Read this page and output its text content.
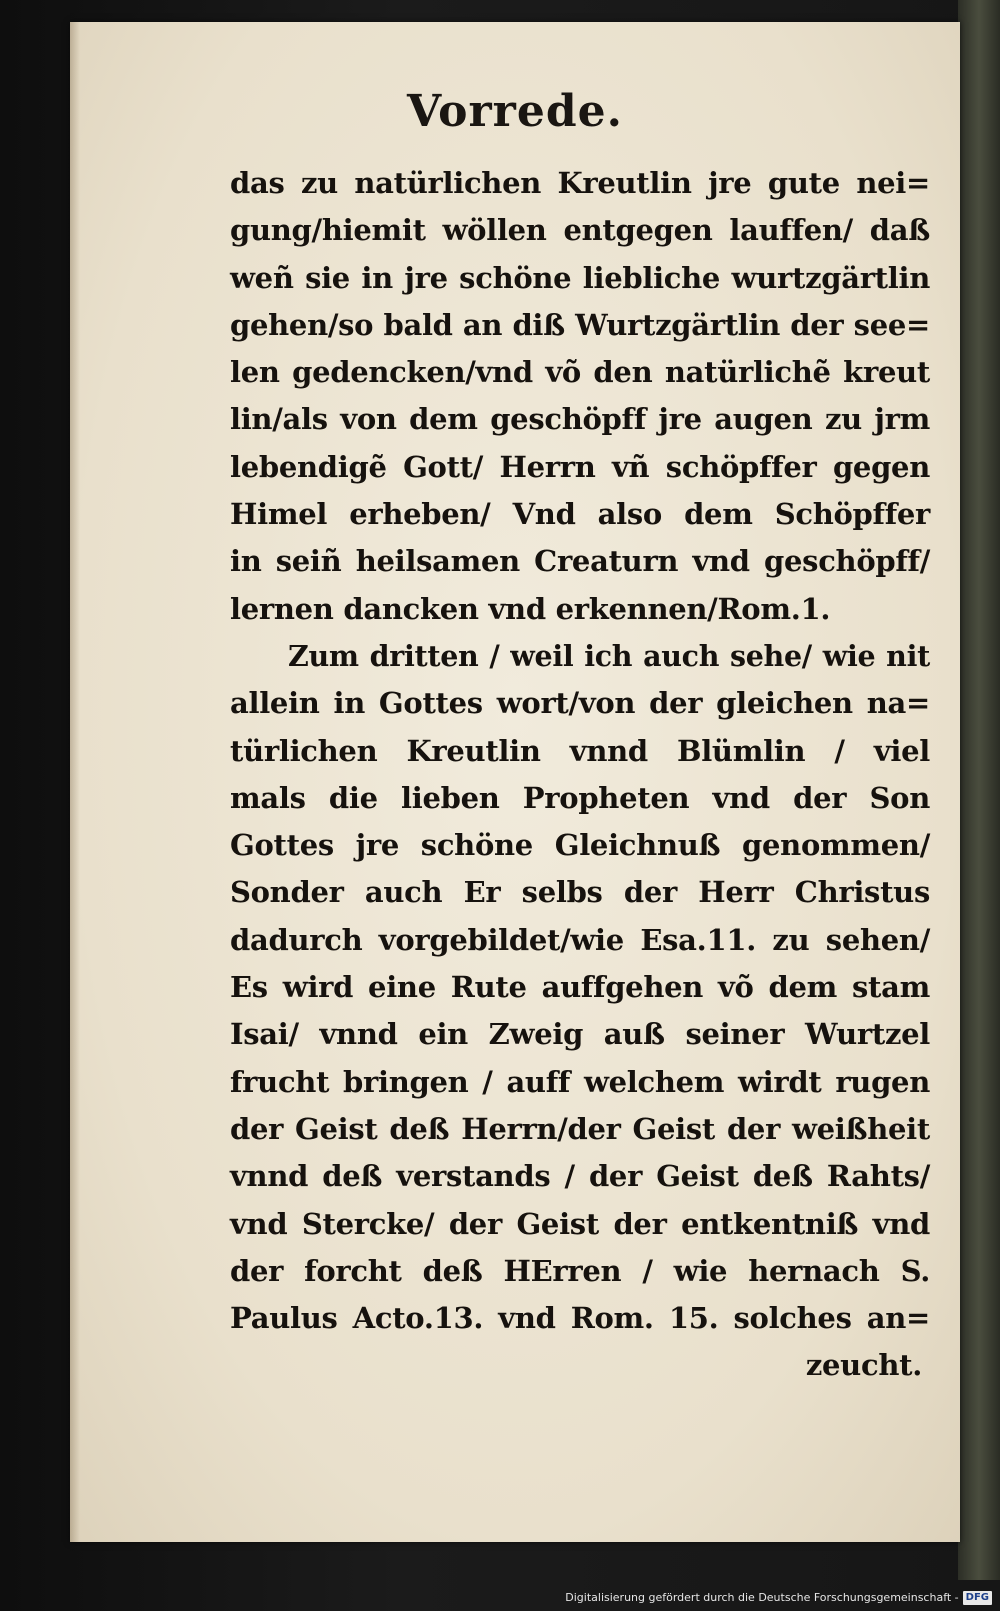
Vorrede.
das zu natürlichen Kreutlin jre gute nei=
gung/hiemit wöllen entgegen lauffen/ daß
weñ sie in jre schöne liebliche wurtzgärtlin
gehen/so bald an diß Wurtzgärtlin der see=
len gedencken/vnd võ den natürlichẽ kreut
lin/als von dem geschöpff jre augen zu jrm
lebendigẽ Gott/ Herrn vñ schöpffer gegen
Himel erheben/ Vnd also dem Schöpffer
in seiñ heilsamen Creaturn vnd geschöpff/
lernen dancken vnd erkennen/Rom.1.
Zum dritten / weil ich auch sehe/ wie nit
allein in Gottes wort/von der gleichen na=
türlichen Kreutlin vnnd Blümlin / viel
mals die lieben Propheten vnd der Son
Gottes jre schöne Gleichnuß genommen/
Sonder auch Er selbs der Herr Christus
dadurch vorgebildet/wie Esa.11. zu sehen/
Es wird eine Rute auffgehen võ dem stam
Isai/ vnnd ein Zweig auß seiner Wurtzel
frucht bringen / auff welchem wirdt rugen
der Geist deß Herrn/der Geist der weißheit
vnnd deß verstands / der Geist deß Rahts/
vnd Stercke/ der Geist der entkentniß vnd
der forcht deß HErren / wie hernach S.
Paulus Acto.13. vnd Rom. 15. solches an=
zeucht.
Digitalisierung gefördert durch die Deutsche Forschungsgemeinschaft - DFG
